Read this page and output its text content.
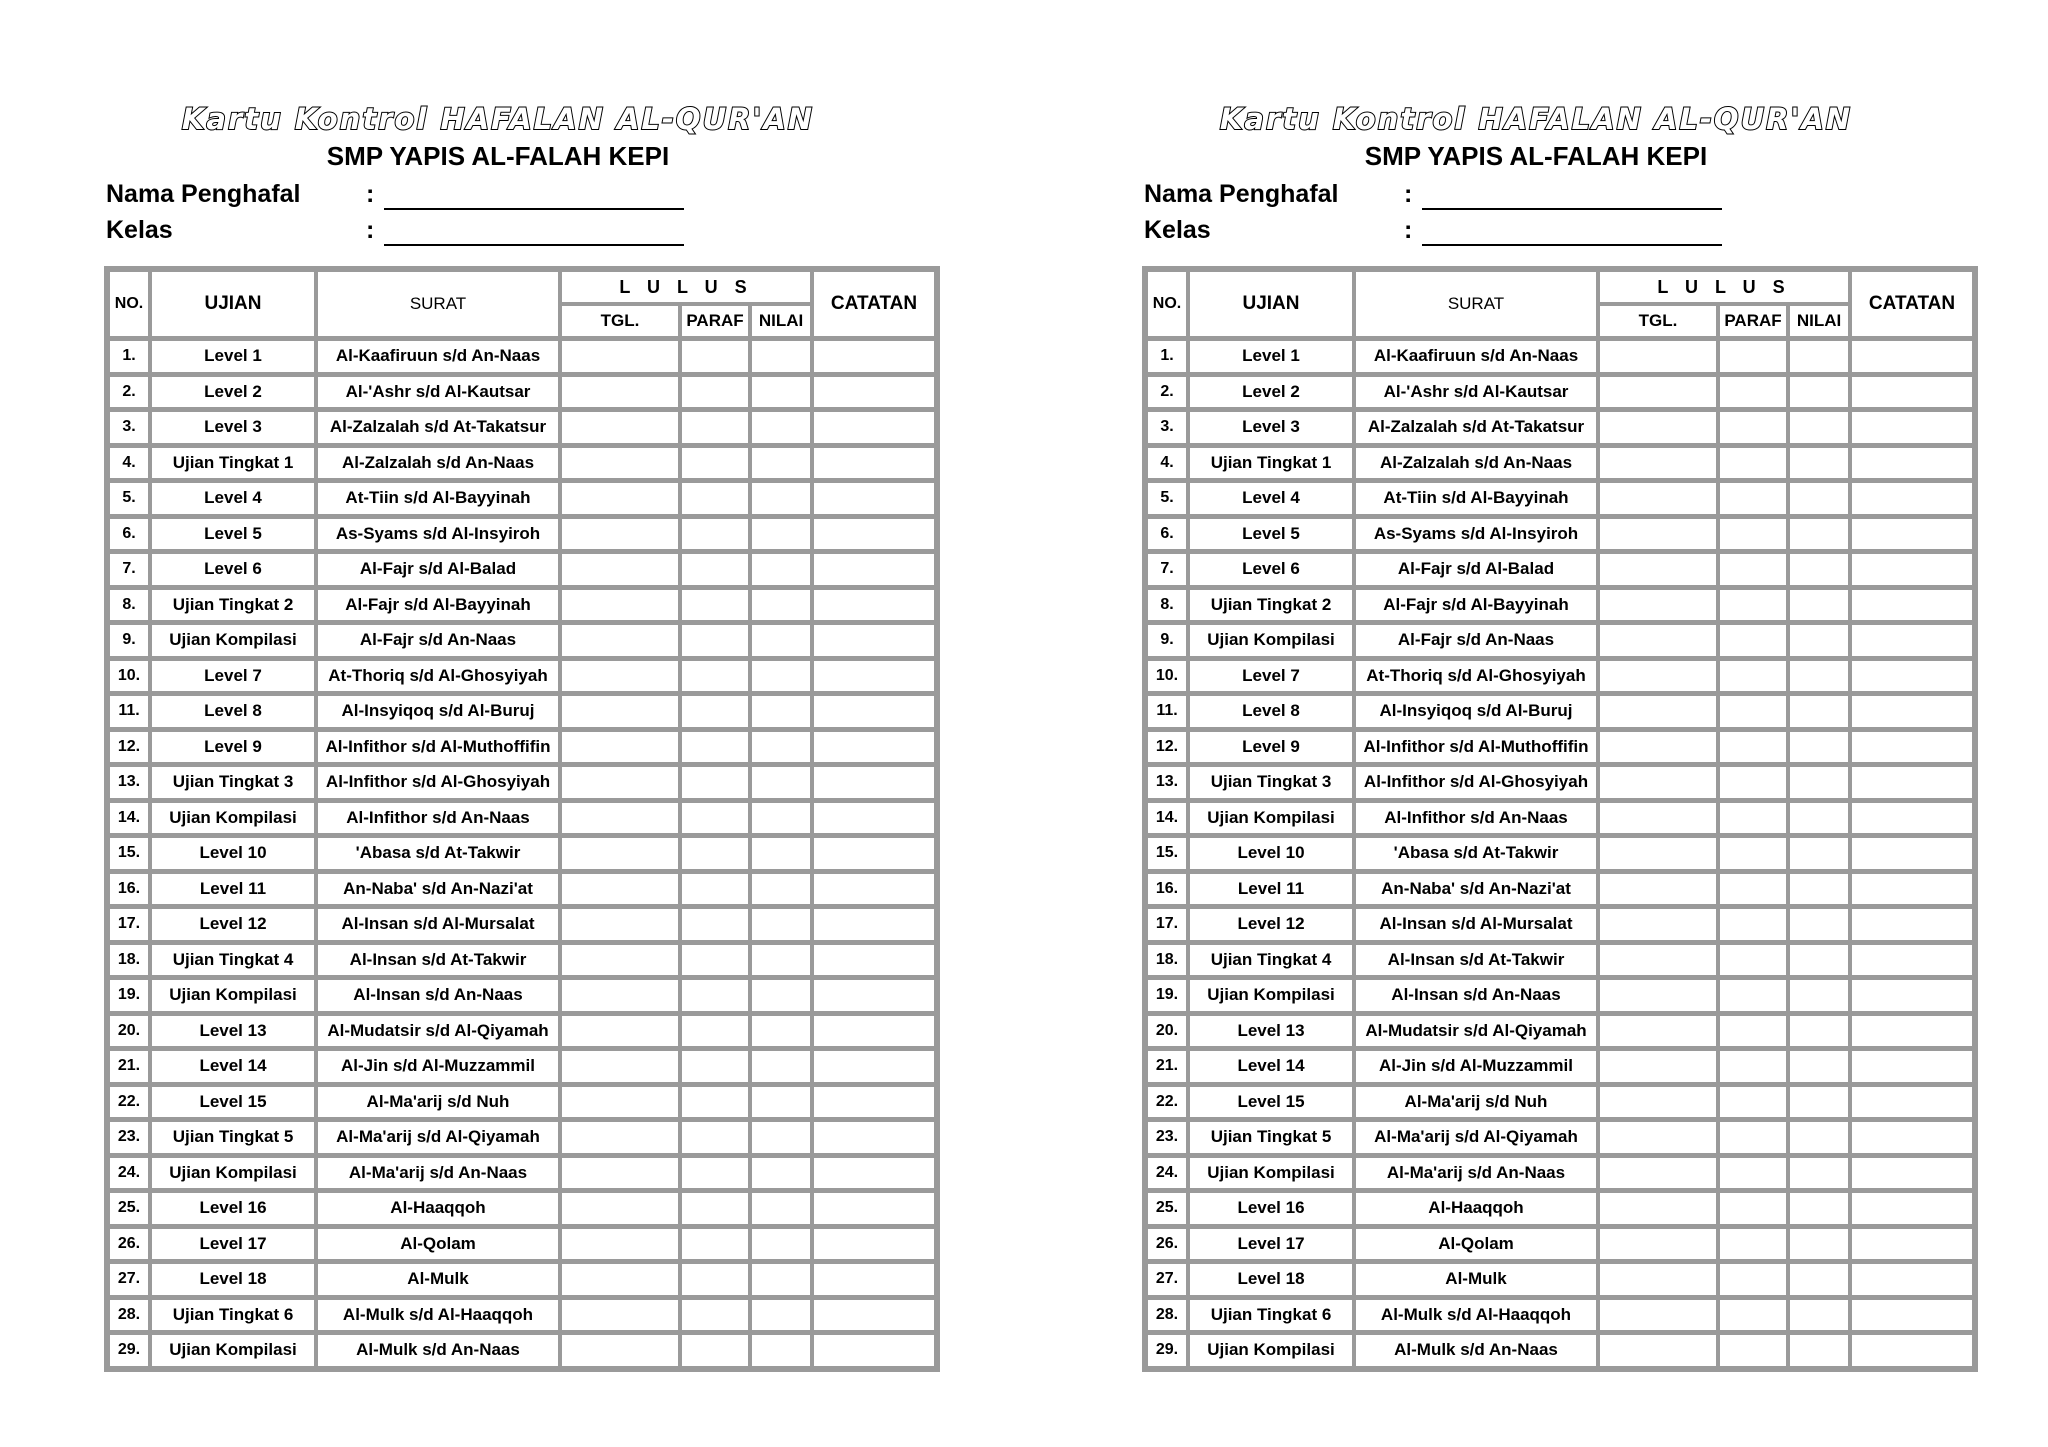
Kartu Kontrol HAFALAN AL-QUR'AN
SMP YAPIS AL-FALAH KEPI
Nama Penghafal	:
Kelas	:
NO.	UJIAN	SURAT	L U L U S			CATATAN
			TGL.	PARAF	NILAI	
1.	Level 1	Al-Kaafiruun s/d An-Naas				
2.	Level 2	Al-'Ashr s/d Al-Kautsar				
3.	Level 3	Al-Zalzalah s/d At-Takatsur				
4.	Ujian Tingkat 1	Al-Zalzalah s/d An-Naas				
5.	Level 4	At-Tiin s/d Al-Bayyinah				
6.	Level 5	As-Syams s/d Al-Insyiroh				
7.	Level 6	Al-Fajr s/d Al-Balad				
8.	Ujian Tingkat 2	Al-Fajr s/d Al-Bayyinah				
9.	Ujian Kompilasi	Al-Fajr s/d An-Naas				
10.	Level 7	At-Thoriq s/d Al-Ghosyiyah				
11.	Level 8	Al-Insyiqoq s/d Al-Buruj				
12.	Level 9	Al-Infithor s/d Al-Muthoffifin				
13.	Ujian Tingkat 3	Al-Infithor s/d Al-Ghosyiyah				
14.	Ujian Kompilasi	Al-Infithor s/d An-Naas				
15.	Level 10	'Abasa s/d At-Takwir				
16.	Level 11	An-Naba' s/d An-Nazi'at				
17.	Level 12	Al-Insan s/d Al-Mursalat				
18.	Ujian Tingkat 4	Al-Insan s/d At-Takwir				
19.	Ujian Kompilasi	Al-Insan s/d An-Naas				
20.	Level 13	Al-Mudatsir s/d Al-Qiyamah				
21.	Level 14	Al-Jin s/d Al-Muzzammil				
22.	Level 15	Al-Ma'arij s/d Nuh				
23.	Ujian Tingkat 5	Al-Ma'arij s/d Al-Qiyamah				
24.	Ujian Kompilasi	Al-Ma'arij s/d An-Naas				
25.	Level 16	Al-Haaqqoh				
26.	Level 17	Al-Qolam				
27.	Level 18	Al-Mulk				
28.	Ujian Tingkat 6	Al-Mulk s/d Al-Haaqqoh				
29.	Ujian Kompilasi	Al-Mulk s/d An-Naas				
Kartu Kontrol HAFALAN AL-QUR'AN
SMP YAPIS AL-FALAH KEPI
Nama Penghafal	:
Kelas	:
NO.	UJIAN	SURAT	L U L U S			CATATAN
			TGL.	PARAF	NILAI	
1.	Level 1	Al-Kaafiruun s/d An-Naas				
2.	Level 2	Al-'Ashr s/d Al-Kautsar				
3.	Level 3	Al-Zalzalah s/d At-Takatsur				
4.	Ujian Tingkat 1	Al-Zalzalah s/d An-Naas				
5.	Level 4	At-Tiin s/d Al-Bayyinah				
6.	Level 5	As-Syams s/d Al-Insyiroh				
7.	Level 6	Al-Fajr s/d Al-Balad				
8.	Ujian Tingkat 2	Al-Fajr s/d Al-Bayyinah				
9.	Ujian Kompilasi	Al-Fajr s/d An-Naas				
10.	Level 7	At-Thoriq s/d Al-Ghosyiyah				
11.	Level 8	Al-Insyiqoq s/d Al-Buruj				
12.	Level 9	Al-Infithor s/d Al-Muthoffifin				
13.	Ujian Tingkat 3	Al-Infithor s/d Al-Ghosyiyah				
14.	Ujian Kompilasi	Al-Infithor s/d An-Naas				
15.	Level 10	'Abasa s/d At-Takwir				
16.	Level 11	An-Naba' s/d An-Nazi'at				
17.	Level 12	Al-Insan s/d Al-Mursalat				
18.	Ujian Tingkat 4	Al-Insan s/d At-Takwir				
19.	Ujian Kompilasi	Al-Insan s/d An-Naas				
20.	Level 13	Al-Mudatsir s/d Al-Qiyamah				
21.	Level 14	Al-Jin s/d Al-Muzzammil				
22.	Level 15	Al-Ma'arij s/d Nuh				
23.	Ujian Tingkat 5	Al-Ma'arij s/d Al-Qiyamah				
24.	Ujian Kompilasi	Al-Ma'arij s/d An-Naas				
25.	Level 16	Al-Haaqqoh				
26.	Level 17	Al-Qolam				
27.	Level 18	Al-Mulk				
28.	Ujian Tingkat 6	Al-Mulk s/d Al-Haaqqoh				
29.	Ujian Kompilasi	Al-Mulk s/d An-Naas				
